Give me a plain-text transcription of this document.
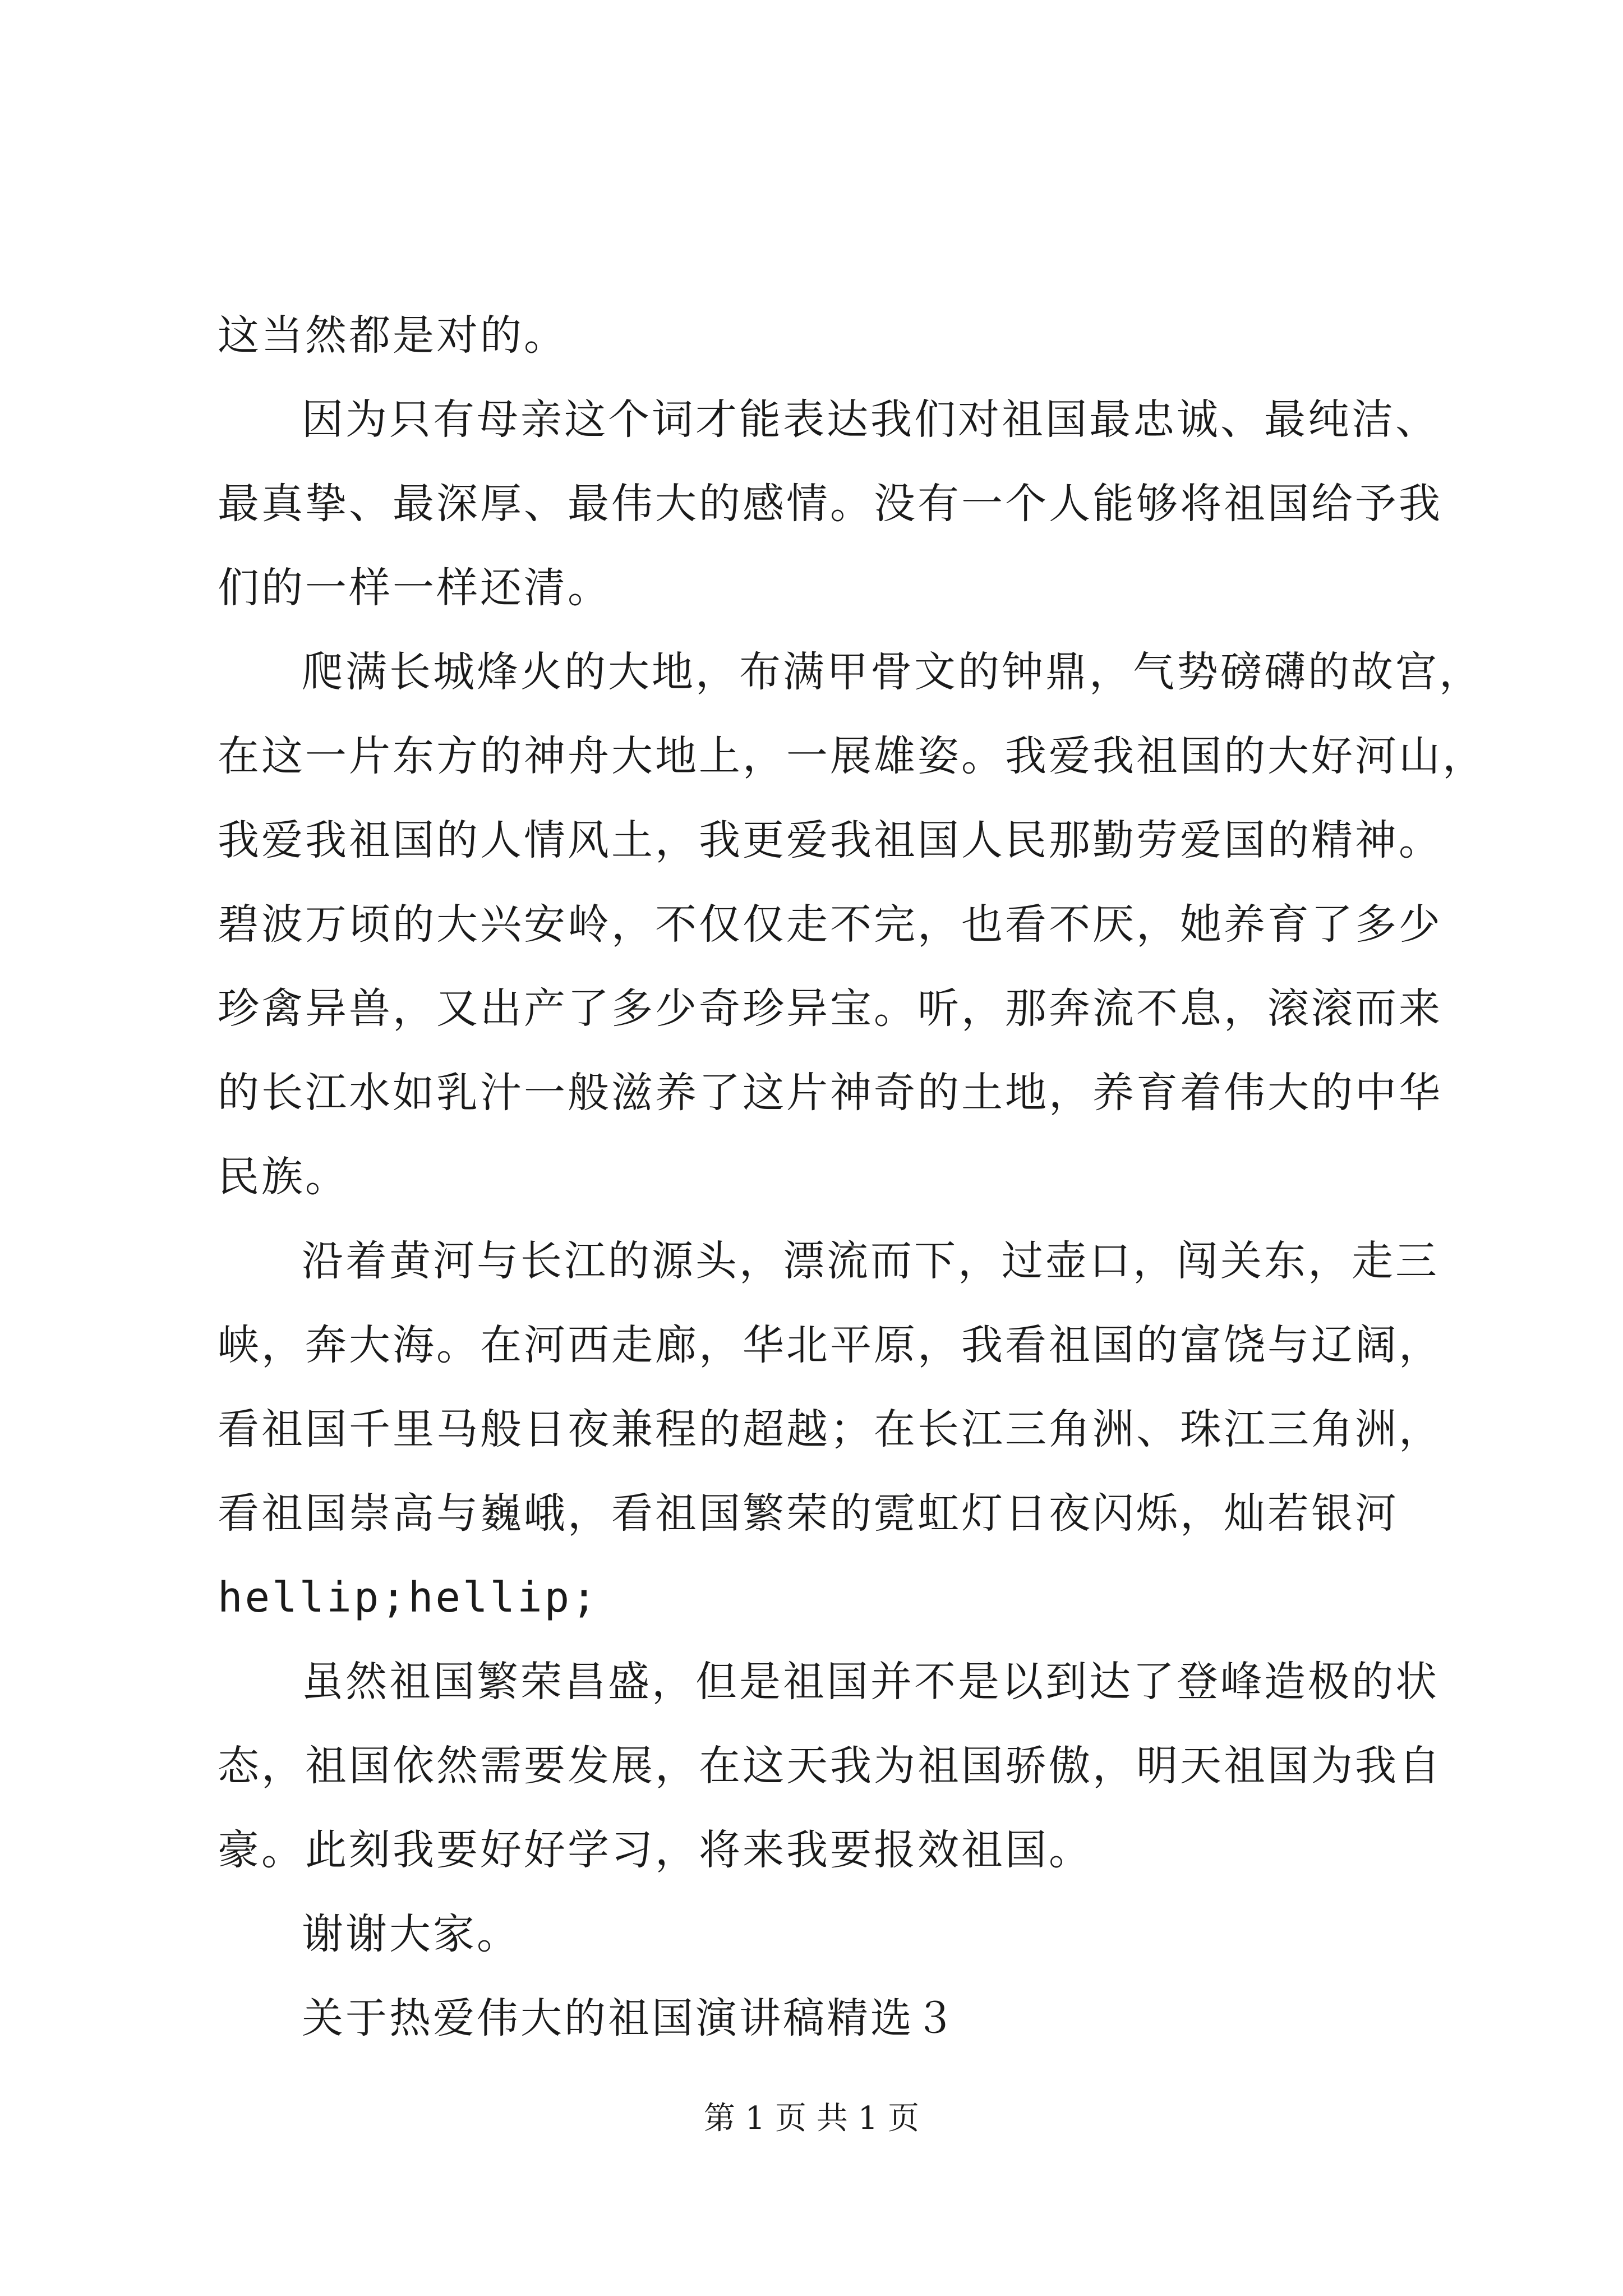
这当然都是对的。
因为只有母亲这个词才能表达我们对祖国最忠诚、最纯洁、
最真挚、最深厚、最伟大的感情。没有一个人能够将祖国给予我
们的一样一样还清。
爬满长城烽火的大地，布满甲骨文的钟鼎，气势磅礴的故宫，
在这一片东方的神舟大地上，一展雄姿。我爱我祖国的大好河山，
我爱我祖国的人情风土，我更爱我祖国人民那勤劳爱国的精神。
碧波万顷的大兴安岭，不仅仅走不完，也看不厌，她养育了多少
珍禽异兽，又出产了多少奇珍异宝。听，那奔流不息，滚滚而来
的长江水如乳汁一般滋养了这片神奇的土地，养育着伟大的中华
民族。
沿着黄河与长江的源头，漂流而下，过壶口，闯关东，走三
峡，奔大海。在河西走廊，华北平原，我看祖国的富饶与辽阔，
看祖国千里马般日夜兼程的超越；在长江三角洲、珠江三角洲，
看祖国崇高与巍峨，看祖国繁荣的霓虹灯日夜闪烁，灿若银河
hellip;hellip;
虽然祖国繁荣昌盛，但是祖国并不是以到达了登峰造极的状
态，祖国依然需要发展，在这天我为祖国骄傲，明天祖国为我自
豪。此刻我要好好学习，将来我要报效祖国。
谢谢大家。
关于热爱伟大的祖国演讲稿精选３
第 1 页 共 1 页
